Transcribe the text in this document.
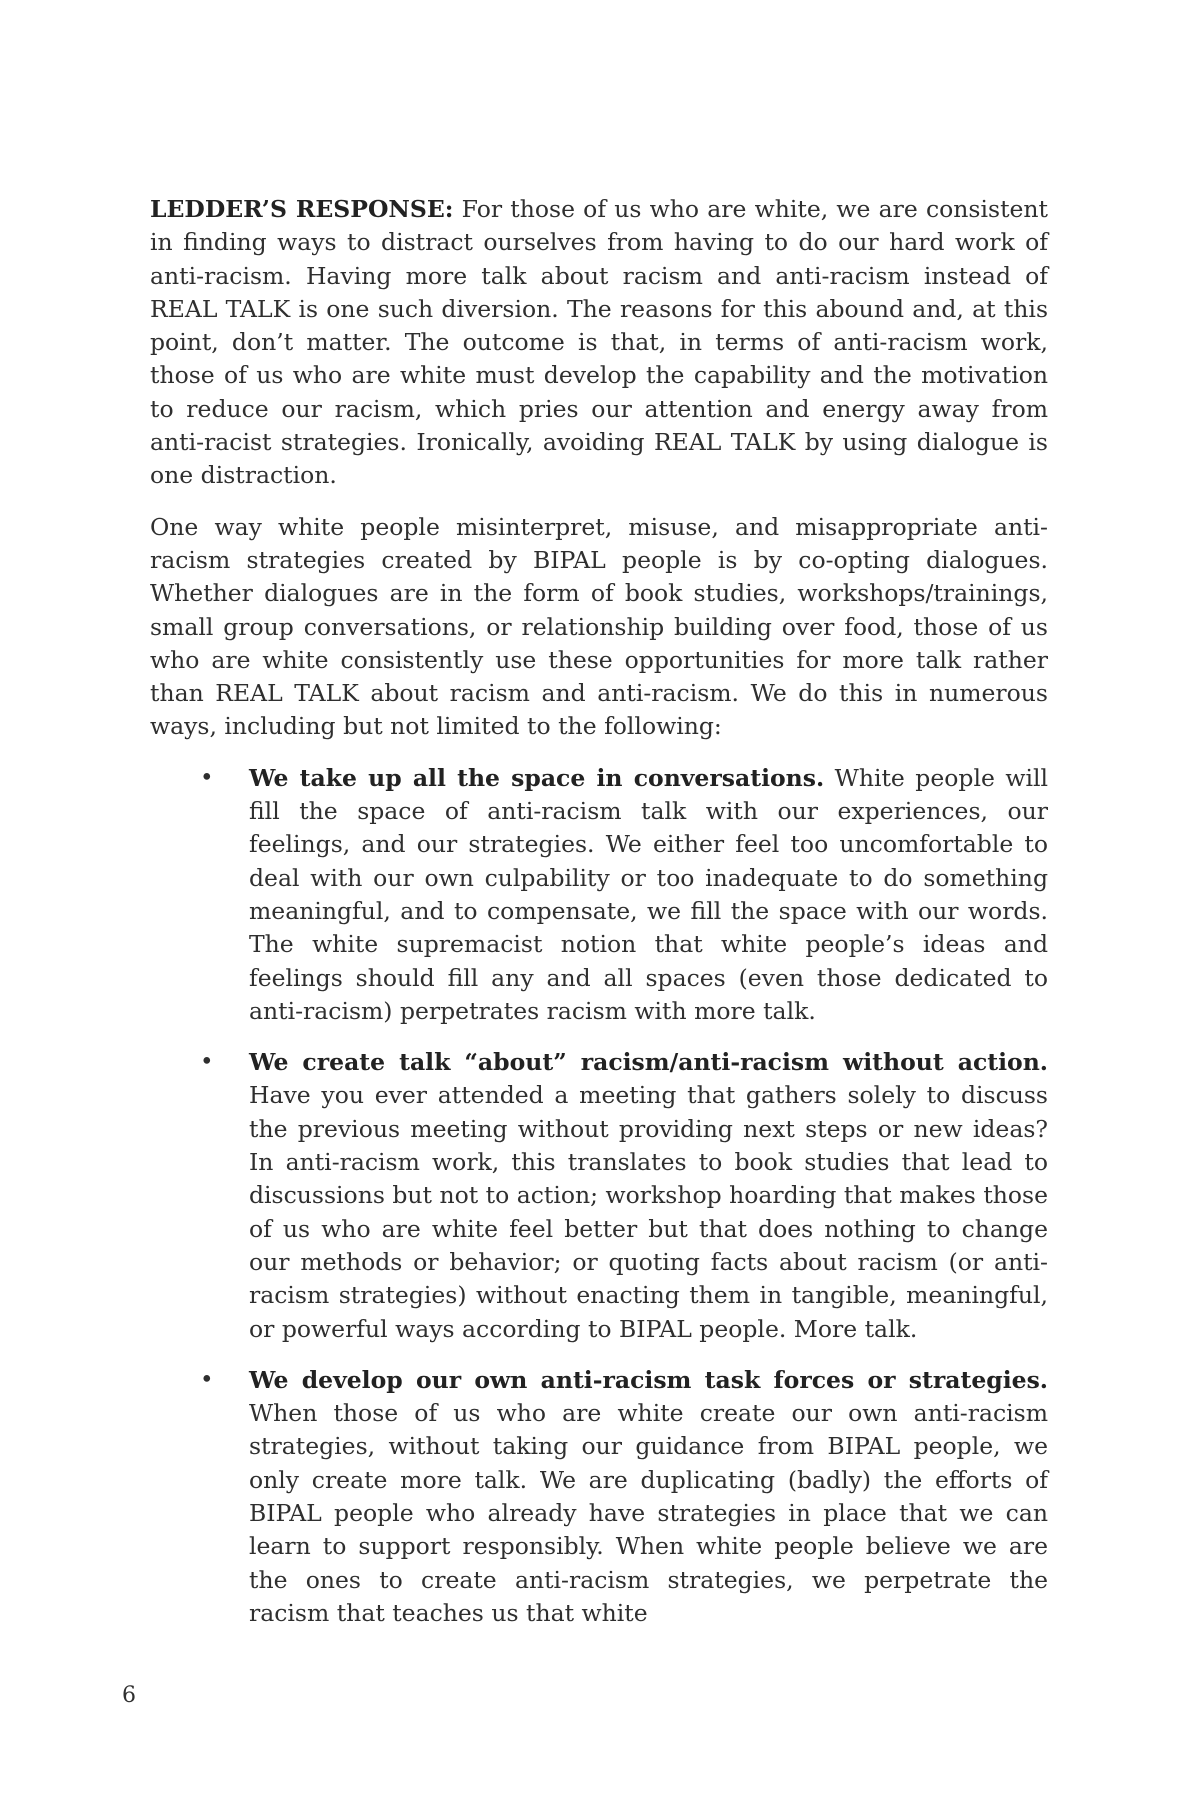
LEDDER’S RESPONSE: For those of us who are white, we are consistent in finding ways to distract ourselves from having to do our hard work of anti-racism. Having more talk about racism and anti-racism instead of REAL TALK is one such diversion. The reasons for this abound and, at this point, don’t matter. The outcome is that, in terms of anti-racism work, those of us who are white must develop the capability and the motivation to reduce our racism, which pries our attention and energy away from anti-racist strategies. Ironically, avoiding REAL TALK by using dialogue is one distraction.

One way white people misinterpret, misuse, and misappropriate anti-racism strategies created by BIPAL people is by co-opting dialogues. Whether dialogues are in the form of book studies, workshops/trainings, small group conversations, or relationship building over food, those of us who are white consistently use these opportunities for more talk rather than REAL TALK about racism and anti-racism. We do this in numerous ways, including but not limited to the following:

• We take up all the space in conversations. White people will fill the space of anti-racism talk with our experiences, our feelings, and our strategies. We either feel too uncomfortable to deal with our own culpability or too inadequate to do something meaningful, and to compensate, we fill the space with our words. The white supremacist notion that white people’s ideas and feelings should fill any and all spaces (even those dedicated to anti-racism) perpetrates racism with more talk.
• We create talk “about” racism/anti-racism without action. Have you ever attended a meeting that gathers solely to discuss the previous meeting without providing next steps or new ideas? In anti-racism work, this translates to book studies that lead to discussions but not to action; workshop hoarding that makes those of us who are white feel better but that does nothing to change our methods or behavior; or quoting facts about racism (or anti-racism strategies) without enacting them in tangible, meaningful, or powerful ways according to BIPAL people. More talk.
• We develop our own anti-racism task forces or strategies. When those of us who are white create our own anti-racism strategies, without taking our guidance from BIPAL people, we only create more talk. We are duplicating (badly) the efforts of BIPAL people who already have strategies in place that we can learn to support responsibly. When white people believe we are the ones to create anti-racism strategies, we perpetrate the racism that teaches us that white
6
